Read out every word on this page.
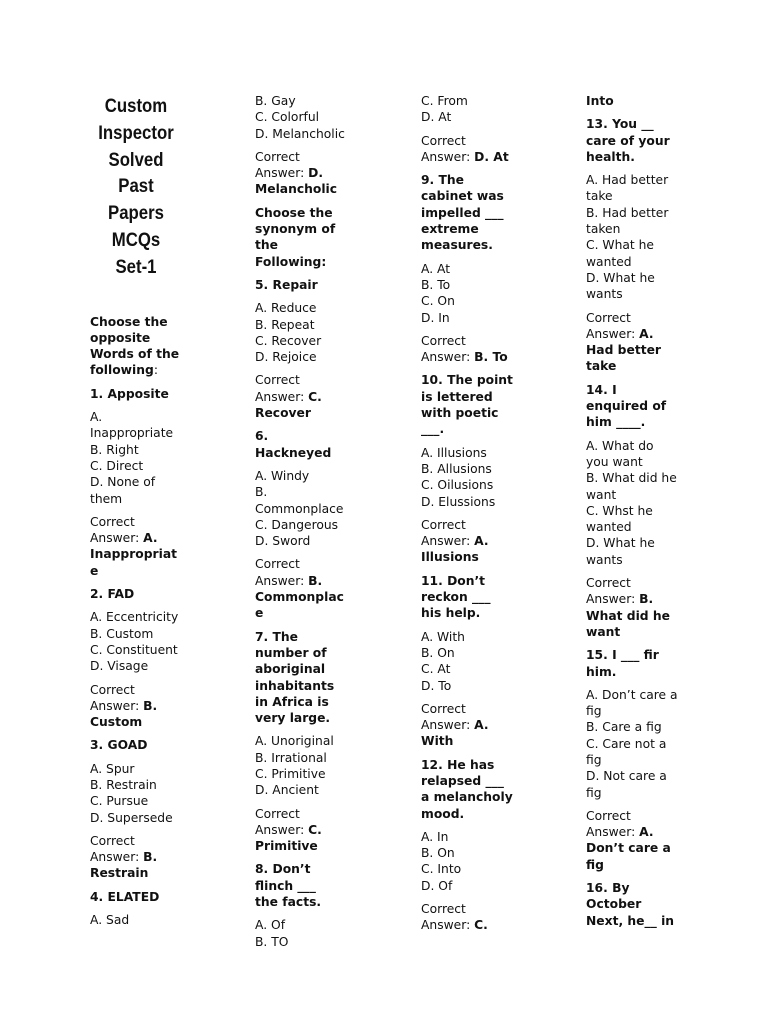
Custom
Inspector
Solved
Past
Papers
MCQs
Set-1
Choose the
opposite
Words of the
following:
1. Apposite
A.
Inappropriate
B. Right
C. Direct
D. None of
them
Correct
Answer: A.
Inappropriat
e
2. FAD
A. Eccentricity
B. Custom
C. Constituent
D. Visage
Correct
Answer: B.
Custom
3. GOAD
A. Spur
B. Restrain
C. Pursue
D. Supersede
Correct
Answer: B.
Restrain
4. ELATED
A. Sad
B. Gay
C. Colorful
D. Melancholic
Correct
Answer: D.
Melancholic
Choose the
synonym of
the
Following:
5. Repair
A. Reduce
B. Repeat
C. Recover
D. Rejoice
Correct
Answer: C.
Recover
6. Hackneyed
A. Windy
B.
Commonplace
C. Dangerous
D. Sword
Correct
Answer: B.
Commonplac
e
7. The
number of
aboriginal
inhabitants
in Africa is
very large.
A. Unoriginal
B. Irrational
C. Primitive
D. Ancient
Correct
Answer: C.
Primitive
8. Don’t
flinch ___
the facts.
A. Of
B. TO
C. From
D. At
Correct
Answer: D. At
9. The
cabinet was
impelled ___
extreme
measures.
A. At
B. To
C. On
D. In
Correct
Answer: B. To
10. The point
is lettered
with poetic
___.
A. Illusions
B. Allusions
C. Oilusions
D. Elussions
Correct
Answer: A.
Illusions
11. Don’t
reckon ___
his help.
A. With
B. On
C. At
D. To
Correct
Answer: A.
With
12. He has
relapsed ___
a melancholy
mood.
A. In
B. On
C. Into
D. Of
Correct
Answer: C.
Into
13. You __
care of your
health.
A. Had better
take
B. Had better
taken
C. What he
wanted
D. What he
wants
Correct
Answer: A.
Had better
take
14. I
enquired of
him ____.
A. What do
you want
B. What did he
want
C. Whst he
wanted
D. What he
wants
Correct
Answer: B.
What did he
want
15. I ___ fir
him.
A. Don’t care a
fig
B. Care a fig
C. Care not a
fig
D. Not care a
fig
Correct
Answer: A.
Don’t care a
fig
16. By
October
Next, he__ in
